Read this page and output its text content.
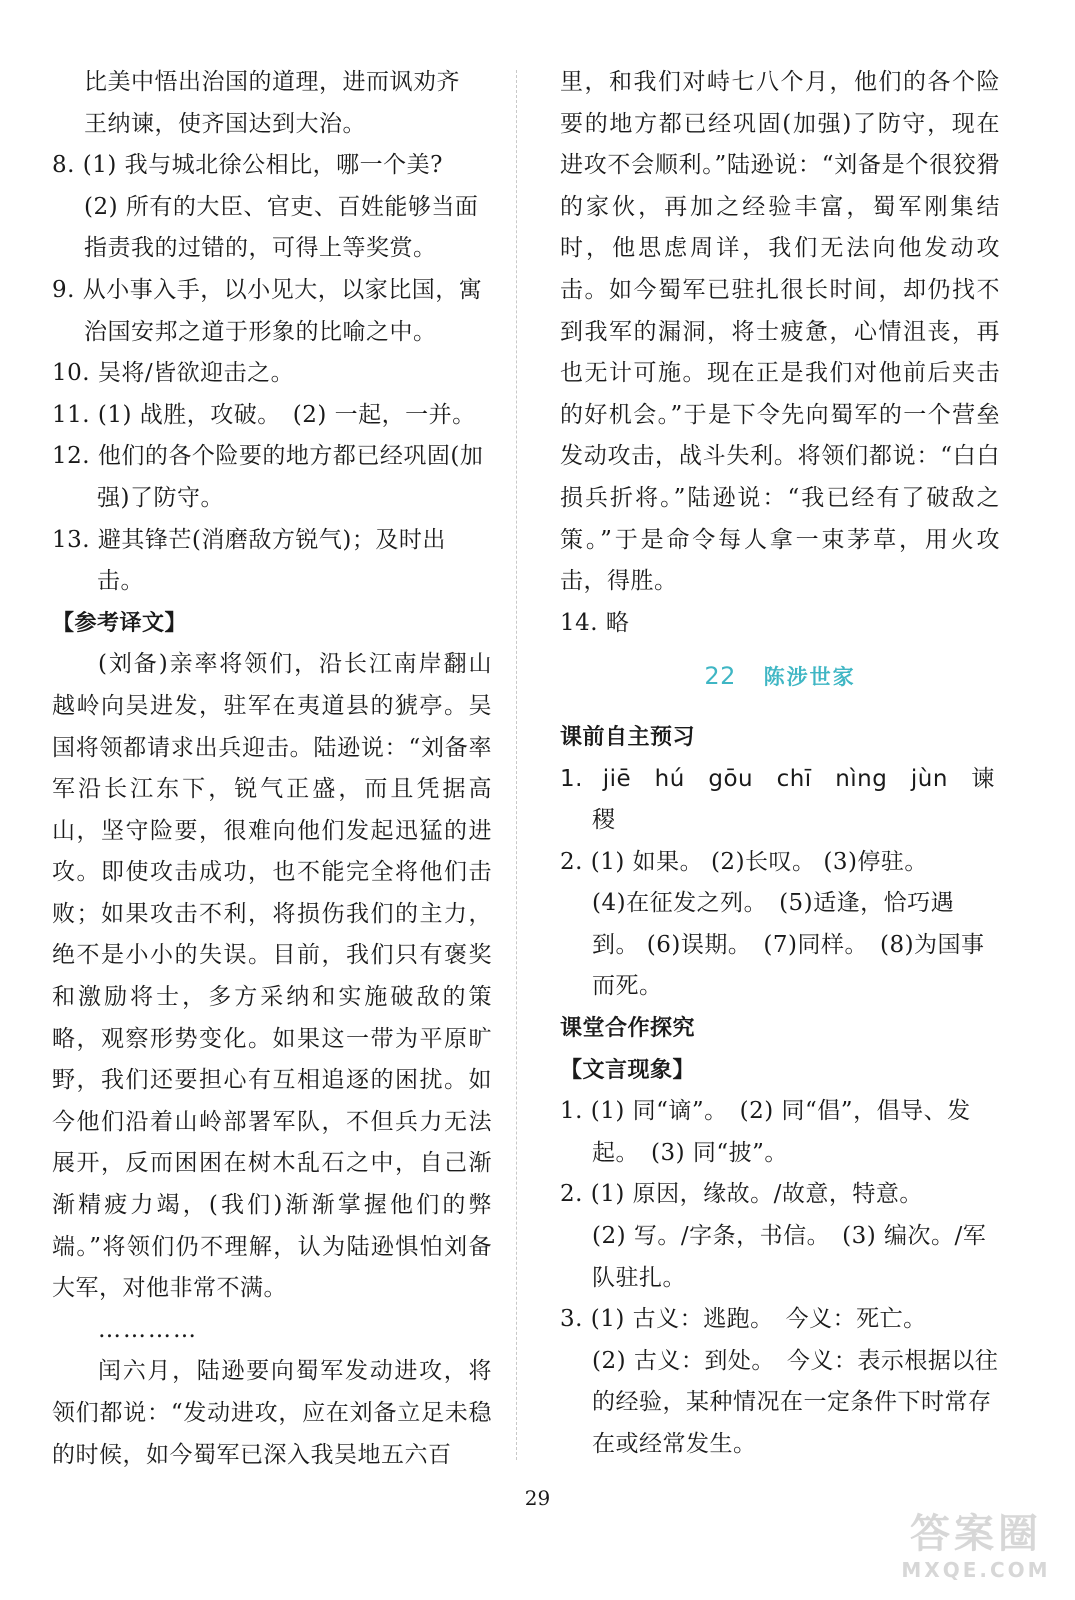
比美中悟出治国的道理，进而讽劝齐
王纳谏，使齐国达到大治。
8. (1) 我与城北徐公相比，哪一个美?
(2) 所有的大臣、官吏、百姓能够当面指责我的过错的，可得上等奖赏。
9. 从小事入手，以小见大，以家比国，寓治国安邦之道于形象的比喻之中。
10. 吴将/皆欲迎击之。
11. (1) 战胜，攻破。　(2) 一起，一并。
12. 他们的各个险要的地方都已经巩固(加强)了防守。
13. 避其锋芒(消磨敌方锐气)；及时出击。
【参考译文】
(刘备)亲率将领们，沿长江南岸翻山越岭向吴进发，驻军在夷道县的猇亭。吴国将领都请求出兵迎击。陆逊说：“刘备率军沿长江东下，锐气正盛，而且凭据高山，坚守险要，很难向他们发起迅猛的进攻。即使攻击成功，也不能完全将他们击败；如果攻击不利，将损伤我们的主力，绝不是小小的失误。目前，我们只有褒奖和激励将士，多方采纳和实施破敌的策略，观察形势变化。如果这一带为平原旷野，我们还要担心有互相追逐的困扰。如今他们沿着山岭部署军队，不但兵力无法展开，反而困困在树木乱石之中，自己渐渐精疲力竭，(我们)渐渐掌握他们的弊端。”将领们仍不理解，认为陆逊惧怕刘备大军，对他非常不满。
…………
闰六月，陆逊要向蜀军发动进攻，将领们都说：“发动进攻，应在刘备立足未稳的时候，如今蜀军已深入我吴地五六百
里，和我们对峙七八个月，他们的各个险要的地方都已经巩固(加强)了防守，现在进攻不会顺利。”陆逊说：“刘备是个很狡猾的家伙，再加之经验丰富，蜀军刚集结时，他思虑周详，我们无法向他发动攻击。如今蜀军已驻扎很长时间，却仍找不到我军的漏洞，将士疲惫，心情沮丧，再也无计可施。现在正是我们对他前后夹击的好机会。”于是下令先向蜀军的一个营垒发动攻击，战斗失利。将领们都说：“白白损兵折将。”陆逊说：“我已经有了破敌之策。”于是命令每人拿一束茅草，用火攻击，得胜。
14. 略
22 陈涉世家
课前自主预习
1. jiē　hú　gōu　chī　nìng　jùn　谏
稷
2. (1) 如果。 (2)长叹。 (3)停驻。
(4)在征发之列。　(5)适逢，恰巧遇到。 (6)误期。　(7)同样。　(8)为国事而死。
课堂合作探究
【文言现象】
1. (1) 同“谪”。　(2) 同“倡”，倡导、发起。　(3) 同“披”。
2. (1) 原因，缘故。/故意，特意。
(2) 写。/字条，书信。　(3) 编次。/军队驻扎。
3. (1) 古义：逃跑。　今义：死亡。
(2) 古义：到处。　今义：表示根据以往的经验，某种情况在一定条件下时常存在或经常发生。
29
答案圈
MXQE.COM
